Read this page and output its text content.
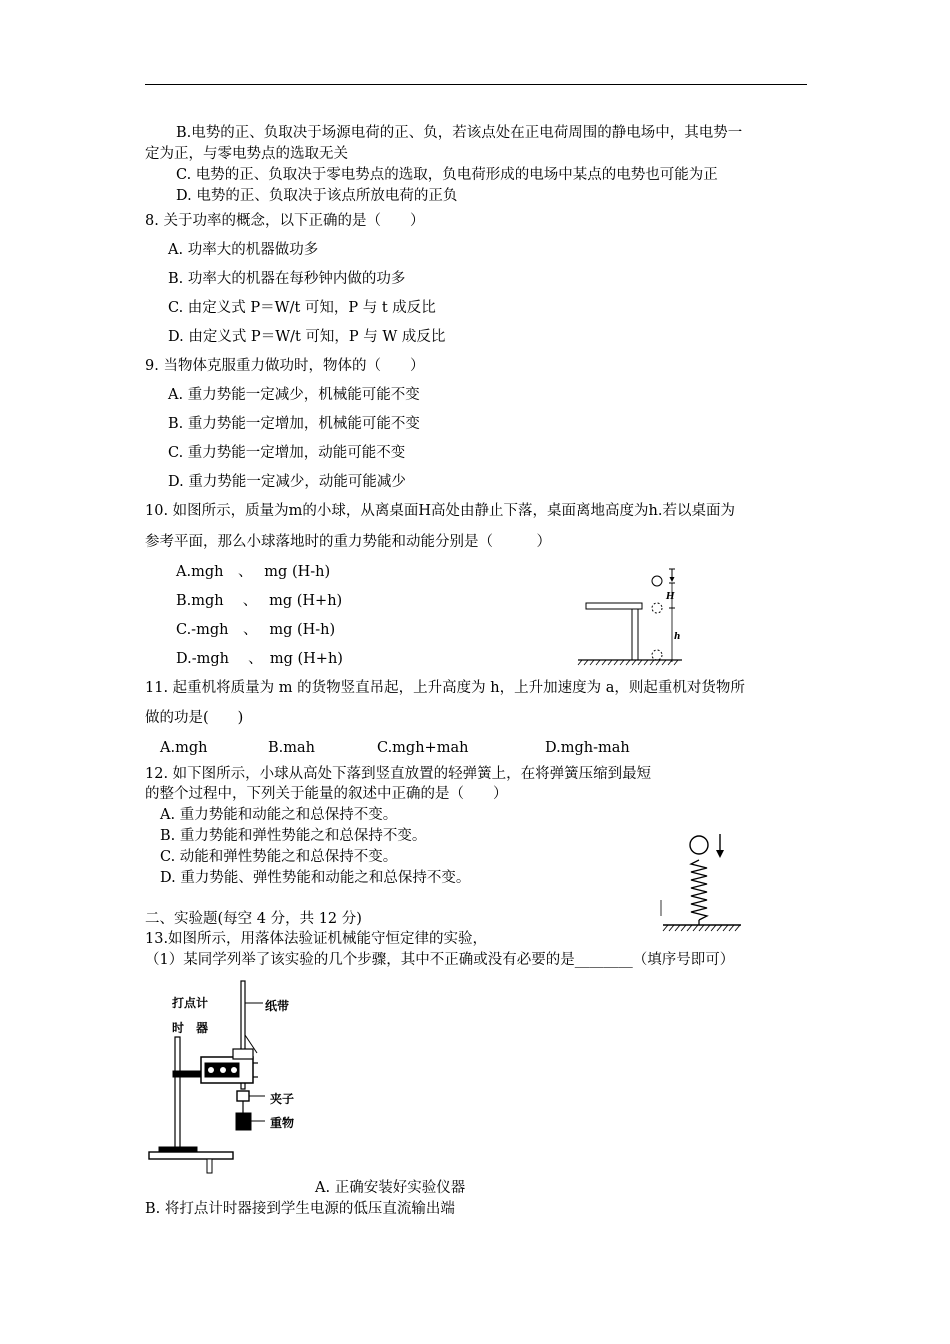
B.电势的正、负取决于场源电荷的正、负，若该点处在正电荷周围的静电场中，其电势一
定为正，与零电势点的选取无关
C. 电势的正、负取决于零电势点的选取，负电荷形成的电场中某点的电势也可能为正
D. 电势的正、负取决于该点所放电荷的正负
8. 关于功率的概念，以下正确的是（　　）
A. 功率大的机器做功多
B. 功率大的机器在每秒钟内做的功多
C. 由定义式 P＝W/t 可知，P 与 t 成反比
D. 由定义式 P＝W/t 可知，P 与 W 成反比
9. 当物体克服重力做功时，物体的（　　）
A. 重力势能一定减少，机械能可能不变
B. 重力势能一定增加，机械能可能不变
C. 重力势能一定增加，动能可能不变
D. 重力势能一定减少，动能可能减少
10. 如图所示，质量为m的小球，从离桌面H高处由静止下落，桌面离地高度为h.若以桌面为
参考平面，那么小球落地时的重力势能和动能分别是（　　　）
A.mgh　、　 mg (H-h)
B.mgh　 、　 mg (H+h)
C.-mgh　、　 mg (H-h)
D.-mgh　 、　mg (H+h)
H
h
11. 起重机将质量为 m 的货物竖直吊起，上升高度为 h，上升加速度为 a，则起重机对货物所
做的功是(　　)
A.mgh	B.mah	C.mgh+mah	D.mgh-mah
12. 如下图所示，小球从高处下落到竖直放置的轻弹簧上，在将弹簧压缩到最短
的整个过程中，下列关于能量的叙述中正确的是（　　）
A. 重力势能和动能之和总保持不变。
B. 重力势能和弹性势能之和总保持不变。
C. 动能和弹性势能之和总保持不变。
D. 重力势能、弹性势能和动能之和总保持不变。
二、实验题(每空 4 分，共 12 分)
13.如图所示，用落体法验证机械能守恒定律的实验，
（1）某同学列举了该实验的几个步骤，其中不正确或没有必要的是________（填序号即可）
打点计
时　器
纸带
夹子
重物
A. 正确安装好实验仪器
B. 将打点计时器接到学生电源的低压直流输出端
